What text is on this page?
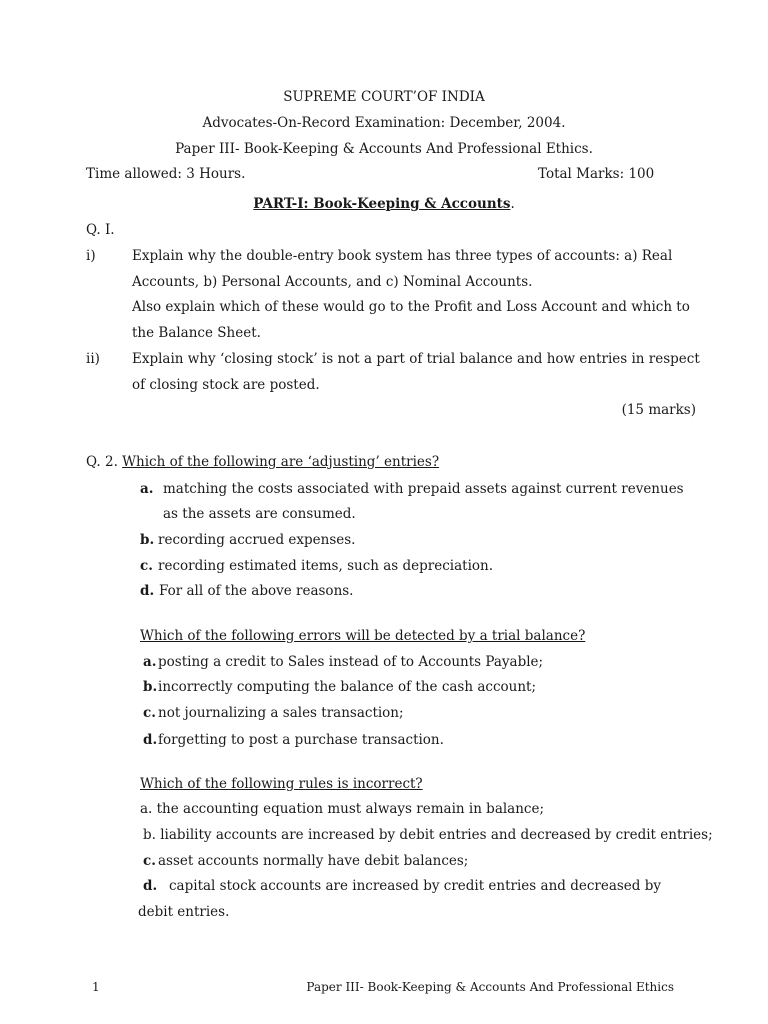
SUPREME COURT’OF INDIA
Advocates-On-Record Examination: December, 2004.
Paper III- Book-Keeping & Accounts And Professional Ethics.
Time allowed: 3 Hours.	Total Marks: 100
PART-I: Book-Keeping & Accounts.
Q. I.
i)	Explain why the double-entry book system has three types of accounts: a) Real
Accounts, b) Personal Accounts, and c) Nominal Accounts.
Also explain which of these would go to the Profit and Loss Account and which to
the Balance Sheet.
ii) Explain why ‘closing stock’ is not a part of trial balance and how entries in respect
of closing stock are posted.
(15 marks)
Q. 2. Which of the following are ‘adjusting’ entries?
a. matching the costs associated with prepaid assets against current revenues
as the assets are consumed.
b. recording accrued expenses.
c. recording estimated items, such as depreciation.
d. For all of the above reasons.
Which of the following errors will be detected by a trial balance?
a. posting a credit to Sales instead of to Accounts Payable;
b.incorrectly computing the balance of the cash account;
c. not journalizing a sales transaction;
d.forgetting to post a purchase transaction.
Which of the following rules is incorrect?
a. the accounting equation must always remain in balance;
b. liability accounts are increased by debit entries and decreased by credit entries;
c. asset accounts normally have debit balances;
d. capital stock accounts are increased by credit entries and decreased by
debit entries.
1	Paper III- Book-Keeping & Accounts And Professional Ethics
